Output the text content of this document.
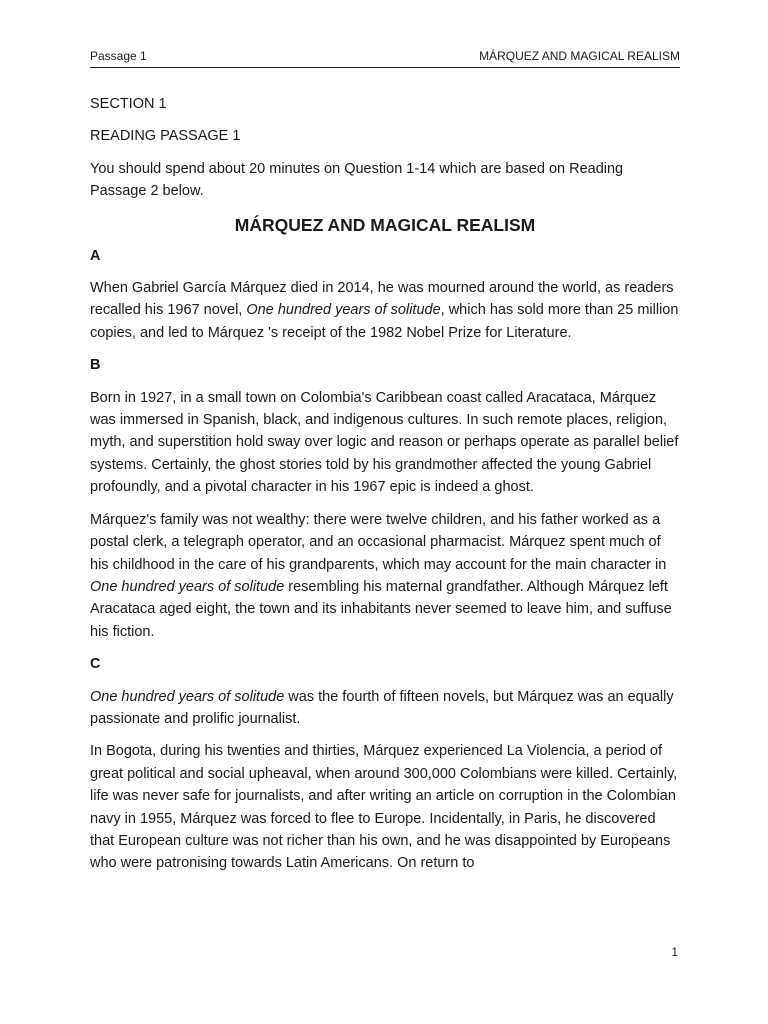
Passage 1	MÁRQUEZ AND MAGICAL REALISM

SECTION 1

READING PASSAGE 1

You should spend about 20 minutes on Question 1-14 which are based on Reading Passage 2 below.

MÁRQUEZ AND MAGICAL REALISM

A

When Gabriel García Márquez died in 2014, he was mourned around the world, as readers recalled his 1967 novel, One hundred years of solitude, which has sold more than 25 million copies, and led to Márquez 's receipt of the 1982 Nobel Prize for Literature.

B

Born in 1927, in a small town on Colombia's Caribbean coast called Aracataca, Márquez was immersed in Spanish, black, and indigenous cultures. In such remote places, religion, myth, and superstition hold sway over logic and reason or perhaps operate as parallel belief systems. Certainly, the ghost stories told by his grandmother affected the young Gabriel profoundly, and a pivotal character in his 1967 epic is indeed a ghost.

Márquez's family was not wealthy: there were twelve children, and his father worked as a postal clerk, a telegraph operator, and an occasional pharmacist. Márquez spent much of his childhood in the care of his grandparents, which may account for the main character in One hundred years of solitude resembling his maternal grandfather. Although Márquez left Aracataca aged eight, the town and its inhabitants never seemed to leave him, and suffuse his fiction.

C

One hundred years of solitude was the fourth of fifteen novels, but Márquez was an equally passionate and prolific journalist.

In Bogota, during his twenties and thirties, Márquez experienced La Violencia, a period of great political and social upheaval, when around 300,000 Colombians were killed. Certainly, life was never safe for journalists, and after writing an article on corruption in the Colombian navy in 1955, Márquez was forced to flee to Europe. Incidentally, in Paris, he discovered that European culture was not richer than his own, and he was disappointed by Europeans who were patronising towards Latin Americans. On return to

1
